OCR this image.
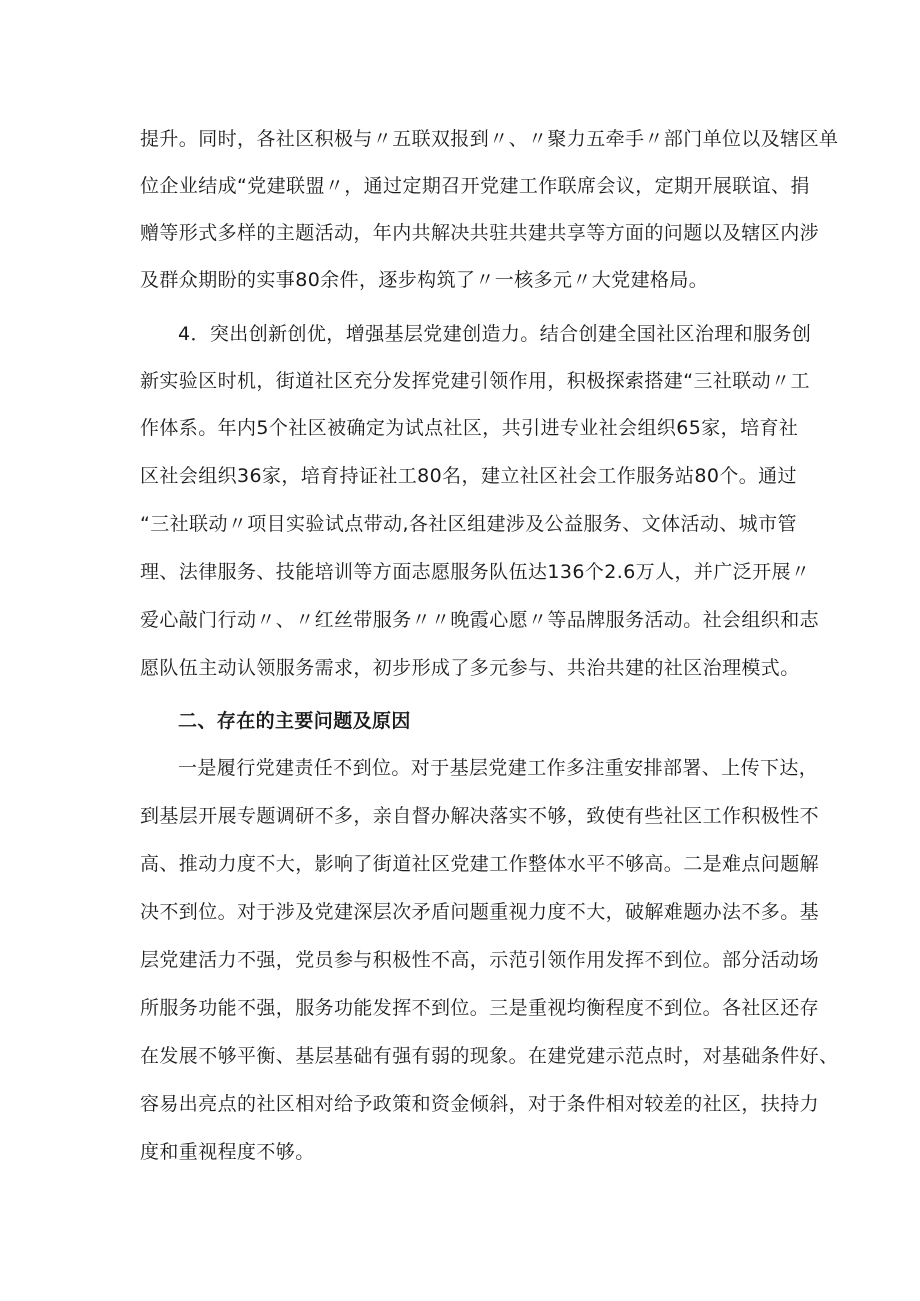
提升。同时，各社区积极与〃五联双报到〃、〃聚力五牵手〃部门单位以及辖区单
位企业结成“党建联盟〃，通过定期召开党建工作联席会议，定期开展联谊、捐
赠等形式多样的主题活动，年内共解决共驻共建共享等方面的问题以及辖区内涉
及群众期盼的实事80余件，逐步构筑了〃一核多元〃大党建格局。
4．突出创新创优，增强基层党建创造力。结合创建全国社区治理和服务创
新实验区时机，街道社区充分发挥党建引领作用，积极探索搭建“三社联动〃工
作体系。年内5个社区被确定为试点社区，共引进专业社会组织65家，培育社
区社会组织36家，培育持证社工80名，建立社区社会工作服务站80个。通过
“三社联动〃项目实验试点带动,各社区组建涉及公益服务、文体活动、城市管
理、法律服务、技能培训等方面志愿服务队伍达136个2.6万人，并广泛开展〃
爱心敲门行动〃、〃红丝带服务〃〃晚霞心愿〃等品牌服务活动。社会组织和志
愿队伍主动认领服务需求，初步形成了多元参与、共治共建的社区治理模式。
二、存在的主要问题及原因
一是履行党建责任不到位。对于基层党建工作多注重安排部署、上传下达，
到基层开展专题调研不多，亲自督办解决落实不够，致使有些社区工作积极性不
高、推动力度不大，影响了街道社区党建工作整体水平不够高。二是难点问题解
决不到位。对于涉及党建深层次矛盾问题重视力度不大，破解难题办法不多。基
层党建活力不强，党员参与积极性不高，示范引领作用发挥不到位。部分活动场
所服务功能不强，服务功能发挥不到位。三是重视均衡程度不到位。各社区还存
在发展不够平衡、基层基础有强有弱的现象。在建党建示范点时，对基础条件好、
容易出亮点的社区相对给予政策和资金倾斜，对于条件相对较差的社区，扶持力
度和重视程度不够。
